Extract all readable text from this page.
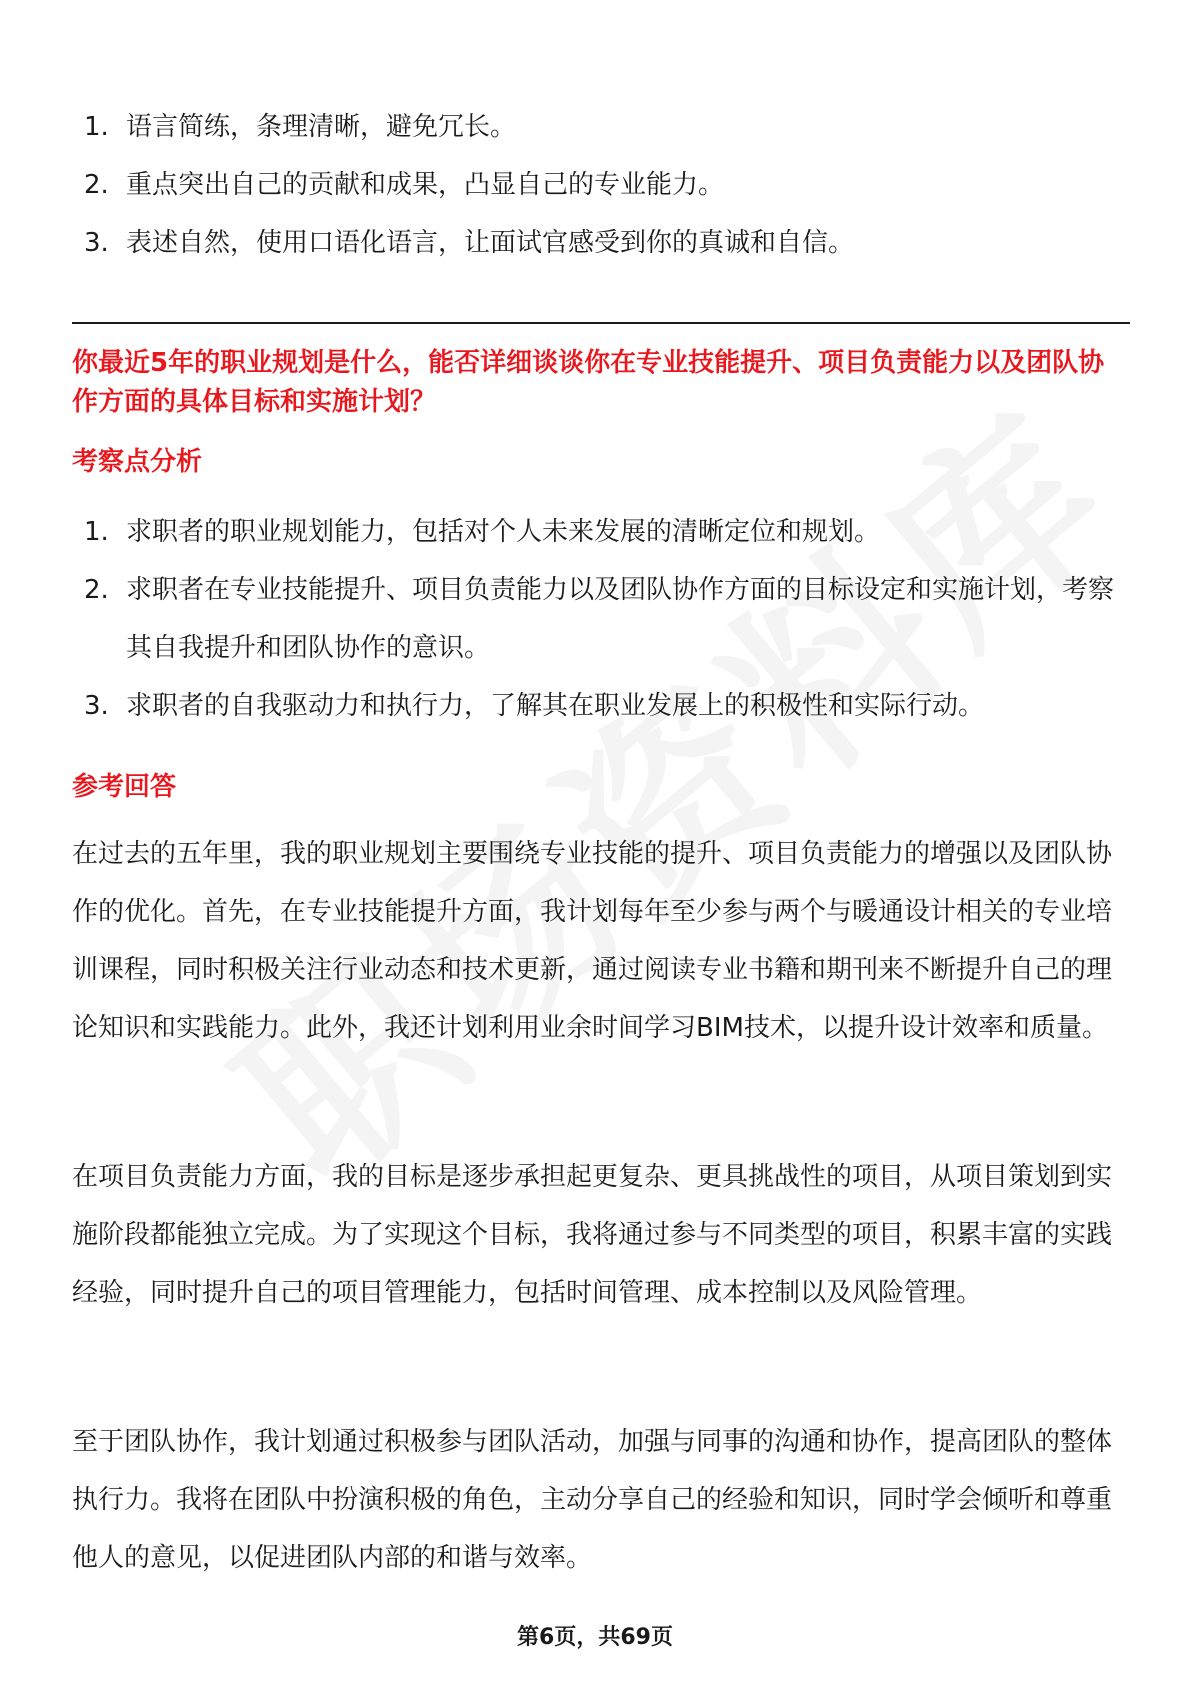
1. 语言简练，条理清晰，避免冗长。
2. 重点突出自己的贡献和成果，凸显自己的专业能力。
3. 表述自然，使用口语化语言，让面试官感受到你的真诚和自信。
你最近5年的职业规划是什么，能否详细谈谈你在专业技能提升、项目负责能力以及团队协作方面的具体目标和实施计划？
考察点分析
1. 求职者的职业规划能力，包括对个人未来发展的清晰定位和规划。
2. 求职者在专业技能提升、项目负责能力以及团队协作方面的目标设定和实施计划，考察其自我提升和团队协作的意识。
3. 求职者的自我驱动力和执行力，了解其在职业发展上的积极性和实际行动。
参考回答

在过去的五年里，我的职业规划主要围绕专业技能的提升、项目负责能力的增强以及团队协作的优化。首先，在专业技能提升方面，我计划每年至少参与两个与暖通设计相关的专业培训课程，同时积极关注行业动态和技术更新，通过阅读专业书籍和期刊来不断提升自己的理论知识和实践能力。此外，我还计划利用业余时间学习BIM技术，以提升设计效率和质量。

在项目负责能力方面，我的目标是逐步承担起更复杂、更具挑战性的项目，从项目策划到实施阶段都能独立完成。为了实现这个目标，我将通过参与不同类型的项目，积累丰富的实践经验，同时提升自己的项目管理能力，包括时间管理、成本控制以及风险管理。

至于团队协作，我计划通过积极参与团队活动，加强与同事的沟通和协作，提高团队的整体执行力。我将在团队中扮演积极的角色，主动分享自己的经验和知识，同时学会倾听和尊重他人的意见，以促进团队内部的和谐与效率。

第6页，共69页
